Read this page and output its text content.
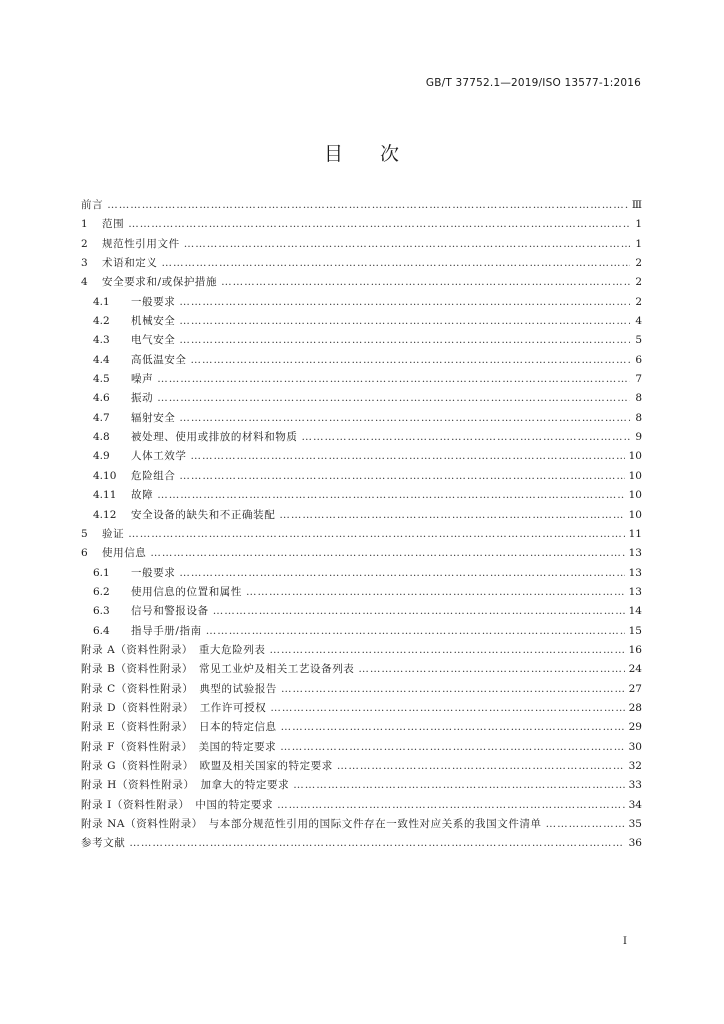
GB/T 37752.1—2019/ISO 13577-1:2016
目 次
前言 ……………………………………………………………………………………………………………………………………………………………………………………………………	Ⅲ
1	范围 ……………………………………………………………………………………………………………………………………………………………………………………………………	1
2	规范性引用文件 ……………………………………………………………………………………………………………………………………………………………………………………………………	1
3	术语和定义 ……………………………………………………………………………………………………………………………………………………………………………………………………	2
4	安全要求和/或保护措施 ……………………………………………………………………………………………………………………………………………………………………………………………………	2
4.1	一般要求 ……………………………………………………………………………………………………………………………………………………………………………………………………	2
4.2	机械安全 ……………………………………………………………………………………………………………………………………………………………………………………………………	4
4.3	电气安全 ……………………………………………………………………………………………………………………………………………………………………………………………………	5
4.4	高低温安全 ……………………………………………………………………………………………………………………………………………………………………………………………………	6
4.5	噪声 ……………………………………………………………………………………………………………………………………………………………………………………………………	7
4.6	振动 ……………………………………………………………………………………………………………………………………………………………………………………………………	8
4.7	辐射安全 ……………………………………………………………………………………………………………………………………………………………………………………………………	8
4.8	被处理、使用或排放的材料和物质 ……………………………………………………………………………………………………………………………………………………………………………………………………	9
4.9	人体工效学 ……………………………………………………………………………………………………………………………………………………………………………………………………	10
4.10	危险组合 ……………………………………………………………………………………………………………………………………………………………………………………………………	10
4.11	故障 ……………………………………………………………………………………………………………………………………………………………………………………………………	10
4.12	安全设备的缺失和不正确装配 ……………………………………………………………………………………………………………………………………………………………………………………………………	10
5	验证 ……………………………………………………………………………………………………………………………………………………………………………………………………	11
6	使用信息 ……………………………………………………………………………………………………………………………………………………………………………………………………	13
6.1	一般要求 ……………………………………………………………………………………………………………………………………………………………………………………………………	13
6.2	使用信息的位置和属性 ……………………………………………………………………………………………………………………………………………………………………………………………………	13
6.3	信号和警报设备 ……………………………………………………………………………………………………………………………………………………………………………………………………	14
6.4	指导手册/指南 ……………………………………………………………………………………………………………………………………………………………………………………………………	15
附录 A（资料性附录）　重大危险列表 ……………………………………………………………………………………………………………………………………………………………………………………………………	16
附录 B（资料性附录）　常见工业炉及相关工艺设备列表 ……………………………………………………………………………………………………………………………………………………………………………………………………	24
附录 C（资料性附录）　典型的试验报告 ……………………………………………………………………………………………………………………………………………………………………………………………………	27
附录 D（资料性附录）　工作许可授权 ……………………………………………………………………………………………………………………………………………………………………………………………………	28
附录 E（资料性附录）　日本的特定信息 ……………………………………………………………………………………………………………………………………………………………………………………………………	29
附录 F（资料性附录）　美国的特定要求 ……………………………………………………………………………………………………………………………………………………………………………………………………	30
附录 G（资料性附录）　欧盟及相关国家的特定要求 ……………………………………………………………………………………………………………………………………………………………………………………………………	32
附录 H（资料性附录）　加拿大的特定要求 ……………………………………………………………………………………………………………………………………………………………………………………………………	33
附录 I（资料性附录）　中国的特定要求 ……………………………………………………………………………………………………………………………………………………………………………………………………	34
附录 NA（资料性附录）　与本部分规范性引用的国际文件存在一致性对应关系的我国文件清单 ……………………………………………………………………………………………………………………………………………………………………………………………………	35
参考文献 ……………………………………………………………………………………………………………………………………………………………………………………………………	36
Ⅰ
